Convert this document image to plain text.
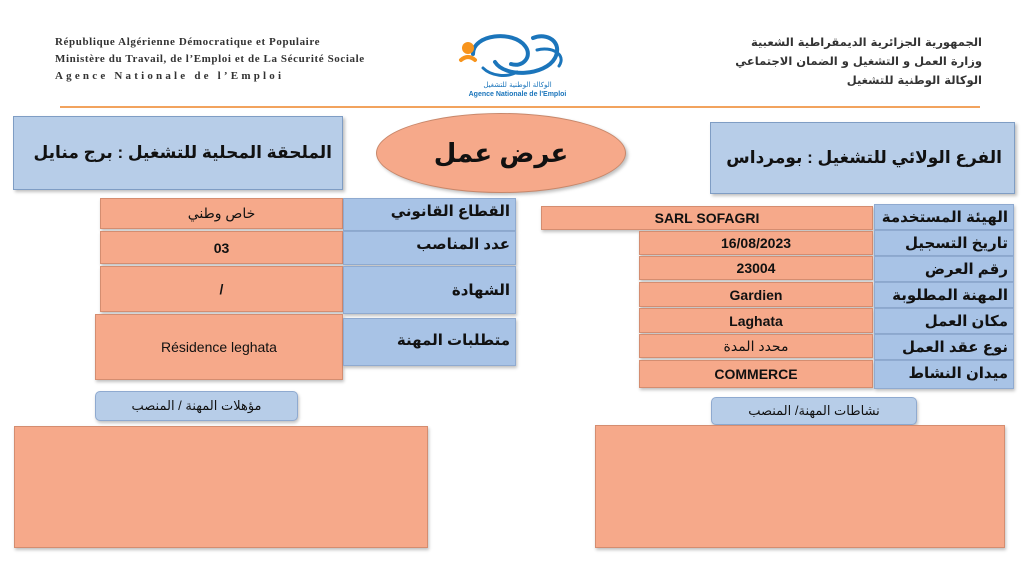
République Algérienne Démocratique et Populaire
Ministère du Travail, de l’Emploi et de La Sécurité Sociale
Agence Nationale de l’Emploi
الوكالة الوطنية للتشغيل
Agence Nationale de l'Emploi
الجمهورية الجزائرية الديمقراطية الشعبية
وزارة العمل و التشغيل و الضمان الاجتماعي
الوكالة الوطنية للتشغيل
الملحقة المحلية للتشغيل : برج منايل	عرض عمل	الفرع الولائي للتشغيل : بومرداس
SARL SOFAGRI	الهيئة المستخدمة
16/08/2023	تاريخ التسجيل
23004	رقم العرض
Gardien	المهنة المطلوبة
Laghata	مكان العمل
محدد المدة	نوع عقد العمل
COMMERCE	ميدان النشاط
خاص وطني	القطاع القانوني
03	عدد المناصب
/	الشهادة
Résidence leghata	متطلبات المهنة
مؤهلات المهنة / المنصب	نشاطات المهنة/ المنصب
